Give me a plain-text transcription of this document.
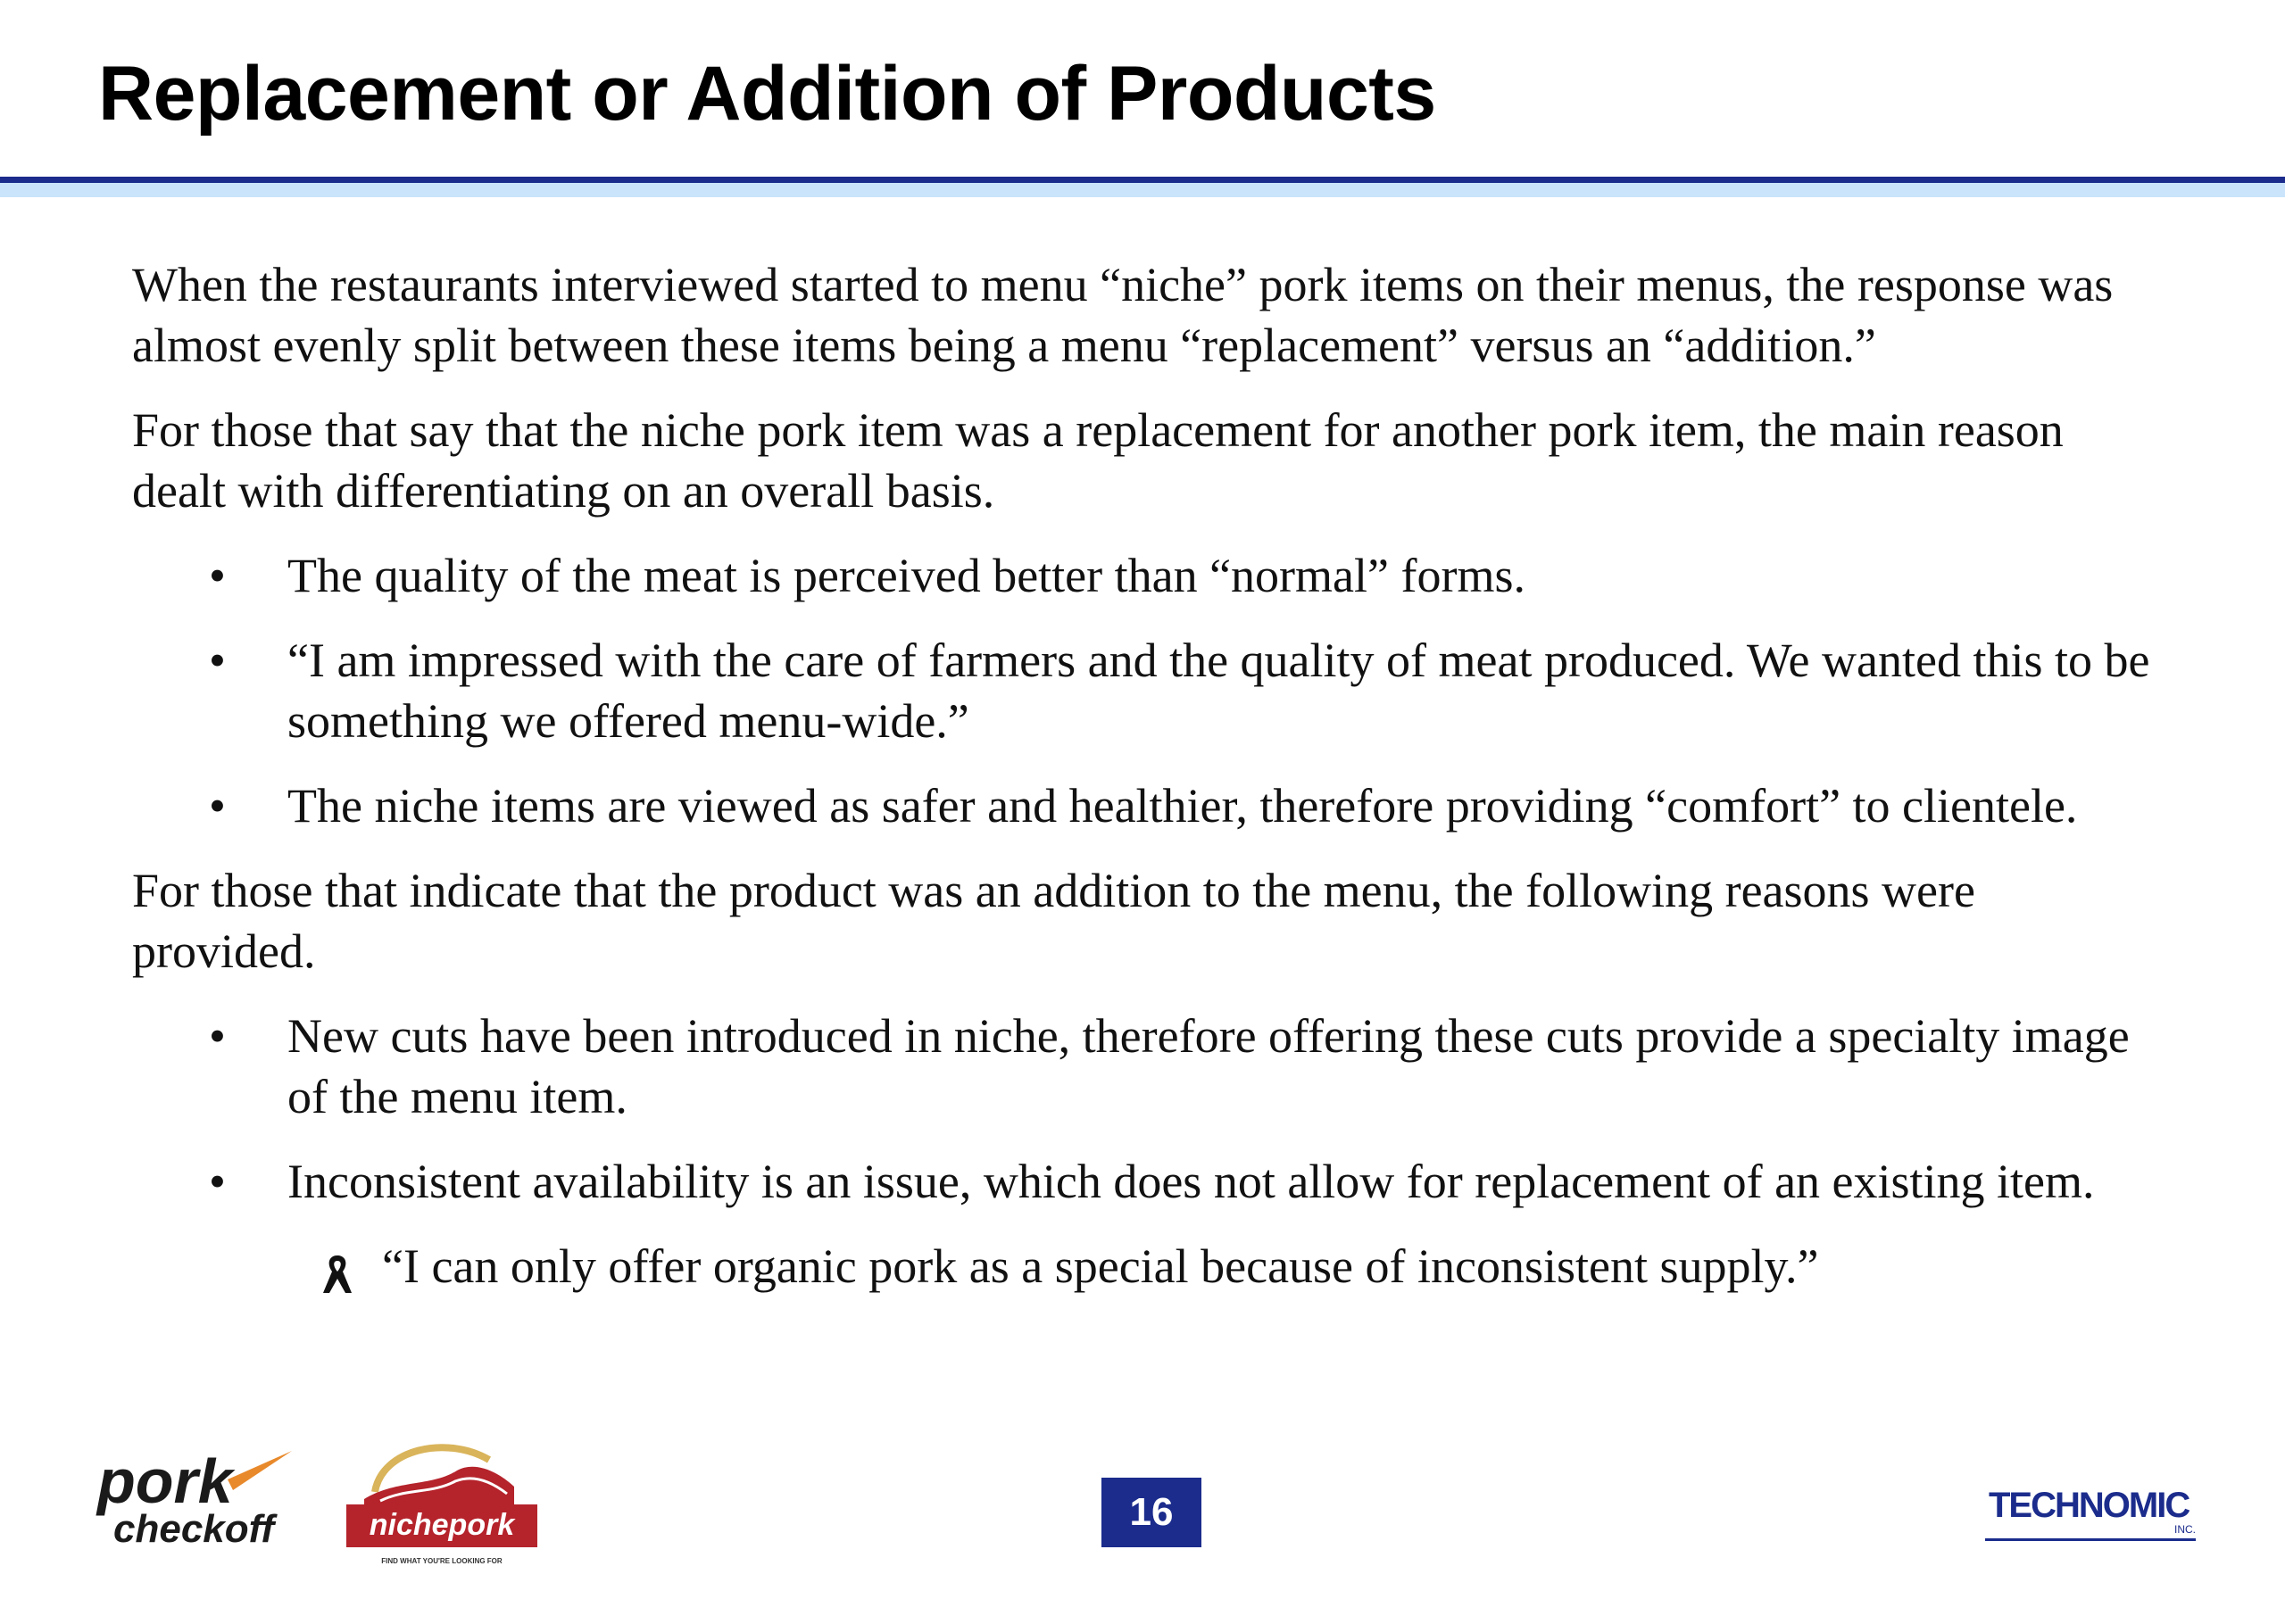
Replacement or Addition of Products

When the restaurants interviewed started to menu “niche” pork items on their menus, the response was almost evenly split between these items being a menu “replacement” versus an “addition.”

For those that say that the niche pork item was a replacement for another pork item, the main reason dealt with differentiating on an overall basis.

• The quality of the meat is perceived better than “normal” forms.
• “I am impressed with the care of farmers and the quality of meat produced. We wanted this to be something we offered menu-wide.”
• The niche items are viewed as safer and healthier, therefore providing “comfort” to clientele.

For those that indicate that the product was an addition to the menu, the following reasons were provided.

• New cuts have been introduced in niche, therefore offering these cuts provide a specialty image of the menu item.
• Inconsistent availability is an issue, which does not allow for replacement of an existing item.
“I can only offer organic pork as a special because of inconsistent supply.”
pork
checkoff	nichepork
FIND WHAT YOU'RE LOOKING FOR
16	TECHNOMIC
INC.
